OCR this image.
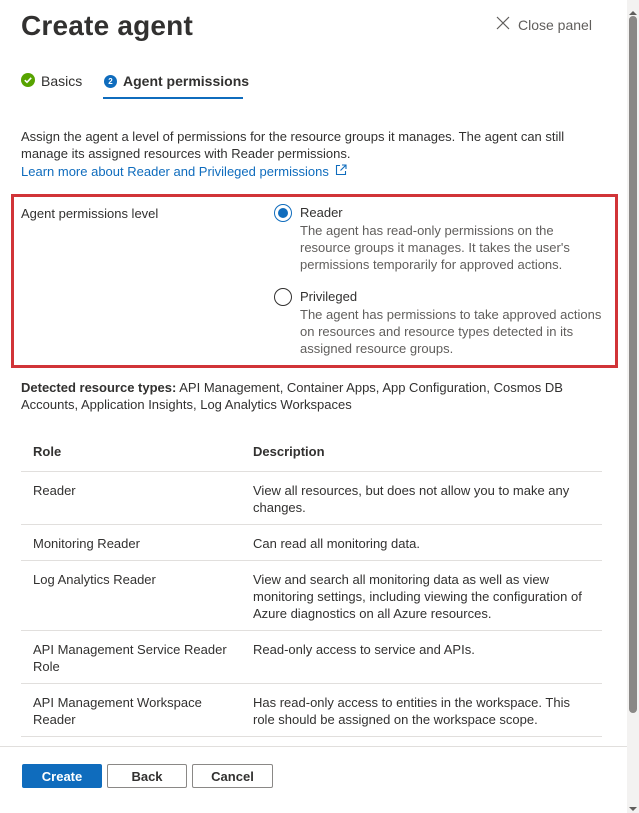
Create agent	Close panel
Basics	2 Agent permissions

Assign the agent a level of permissions for the resource groups it manages. The agent can still manage its assigned resources with Reader permissions.

Learn more about Reader and Privileged permissions
Agent permissions level	Reader
The agent has read-only permissions on the resource groups it manages. It takes the user's permissions temporarily for approved actions.
Privileged
The agent has permissions to take approved actions on resources and resource types detected in its assigned resource groups.

Detected resource types: API Management, Container Apps, App Configuration, Cosmos DB Accounts, Application Insights, Log Analytics Workspaces

Role	Description
Reader	View all resources, but does not allow you to make any changes.
Monitoring Reader	Can read all monitoring data.
Log Analytics Reader	View and search all monitoring data as well as view monitoring settings, including viewing the configuration of Azure diagnostics on all Azure resources.
API Management Service Reader Role	Read-only access to service and APIs.
API Management Workspace Reader	Has read-only access to entities in the workspace. This role should be assigned on the workspace scope.
Create	Back	Cancel
